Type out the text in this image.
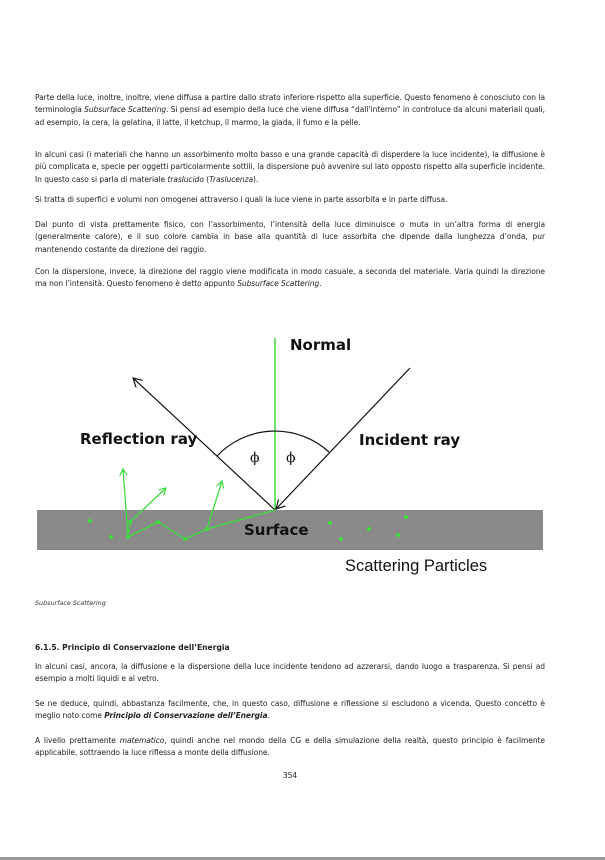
Parte della luce, inoltre, inoltre, viene diffusa a partire dallo strato inferiore rispetto alla superficie. Questo fenomeno è conosciuto con la terminologia Subsurface Scattering. Si pensi ad esempio della luce che viene diffusa “dall’interno” in controluce da alcuni materiali quali, ad esempio, la cera, la gelatina, il latte, il ketchup, il marmo, la giada, il fumo e la pelle.
In alcuni casi (i materiali che hanno un assorbimento molto basso e una grande capacità di disperdere la luce incidente), la diffusione è più complicata e, specie per oggetti particolarmente sottili, la dispersione può avvenire sul lato opposto rispetto alla superficie incidente. In questo caso si parla di materiale traslucido (Traslucenza).
Si tratta di superfici e volumi non omogenei attraverso i quali la luce viene in parte assorbita e in parte diffusa.
Dal punto di vista prettamente fisico, con l’assorbimento, l’intensità della luce diminuisce o muta in un’altra forma di energia (generalmente calore), e il suo colore cambia in base alla quantità di luce assorbita che dipende dalla lunghezza d’onda, pur mantenendo costante da direzione del raggio.
Con la dispersione, invece, la direzione del raggio viene modificata in modo casuale, a seconda del materiale. Varia quindi la direzione ma non l’intensità. Questo fenomeno è detto appunto Subsurface Scattering.
Normal
Reflection ray	Incident ray
ϕ ϕ
Surface
Scattering Particles
Subsurface Scattering
6.1.5. Principio di Conservazione dell’Energia
In alcuni casi, ancora, la diffusione e la dispersione della luce incidente tendono ad azzerarsi, dando luogo a trasparenza. Si pensi ad esempio a molti liquidi e al vetro.
Se ne deduce, quindi, abbastanza facilmente, che, in questo caso, diffusione e riflessione si escludono a vicenda. Questo concetto è meglio noto come Principio di Conservazione dell’Energia.
A livello prettamente matematico, quindi anche nel mondo della CG e della simulazione della realtà, questo principio è facilmente applicabile, sottraendo la luce riflessa a monte della diffusione.
354
